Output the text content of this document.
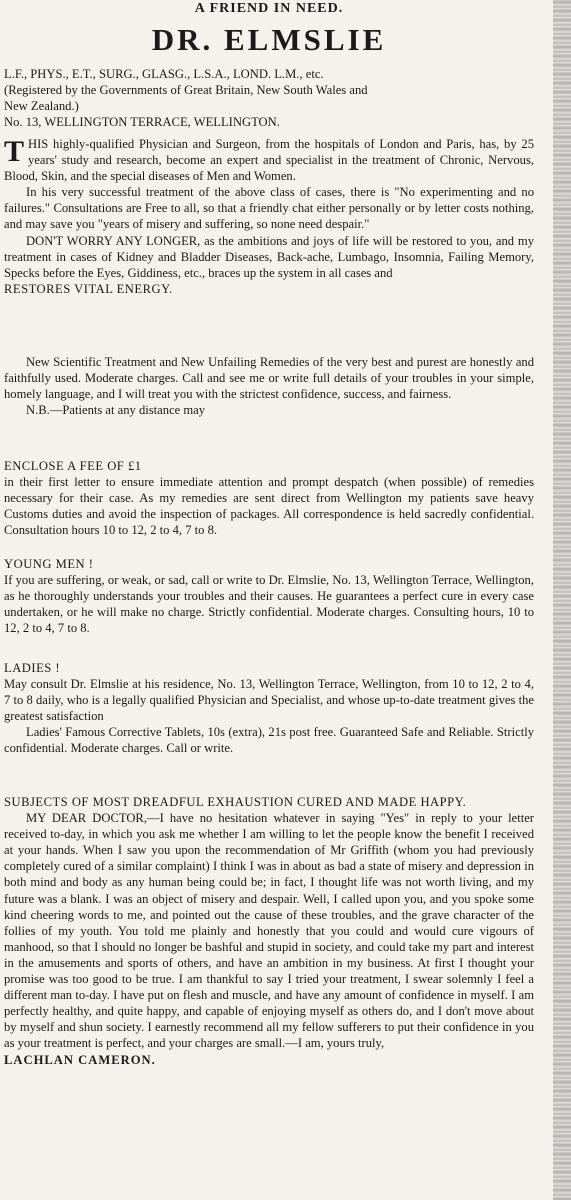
A FRIEND IN NEED.
DR. ELMSLIE

L.F., PHYS., E.T., SURG., GLASG., L.S.A., LOND. L.M., etc.

(Registered by the Governments of Great Britain, New South Wales and

New Zealand.)

No. 13, WELLINGTON TERRACE, WELLINGTON.

THIS highly-qualified Physician and Surgeon, from the hospitals of London and Paris, has, by 25 years' study and research, become an expert and specialist in the treatment of Chronic, Nervous, Blood, Skin, and the special diseases of Men and Women.

In his very successful treatment of the above class of cases, there is "No experimenting and no failures." Consultations are Free to all, so that a friendly chat either personally or by letter costs nothing, and may save you "years of misery and suffering, so none need despair."

DON'T WORRY ANY LONGER, as the ambitions and joys of life will be restored to you, and my treatment in cases of Kidney and Bladder Diseases, Back-ache, Lumbago, Insomnia, Failing Memory, Specks before the Eyes, Giddiness, etc., braces up the system in all cases and

RESTORES VITAL ENERGY.

New Scientific Treatment and New Unfailing Remedies of the very best and purest are honestly and faithfully used. Moderate charges. Call and see me or write full details of your troubles in your simple, homely language, and I will treat you with the strictest confidence, success, and fairness.

N.B.—Patients at any distance may

ENCLOSE A FEE OF £1

in their first letter to ensure immediate attention and prompt despatch (when possible) of remedies necessary for their case. As my remedies are sent direct from Wellington my patients save heavy Customs duties and avoid the inspection of packages. All correspondence is held sacredly confidential. Consultation hours 10 to 12, 2 to 4, 7 to 8.

YOUNG MEN !

If you are suffering, or weak, or sad, call or write to Dr. Elmslie, No. 13, Wellington Terrace, Wellington, as he thoroughly understands your troubles and their causes. He guarantees a perfect cure in every case undertaken, or he will make no charge. Strictly confidential. Moderate charges. Consulting hours, 10 to 12, 2 to 4, 7 to 8.

LADIES !

May consult Dr. Elmslie at his residence, No. 13, Wellington Terrace, Wellington, from 10 to 12, 2 to 4, 7 to 8 daily, who is a legally qualified Physician and Specialist, and whose up-to-date treatment gives the greatest satisfaction

Ladies' Famous Corrective Tablets, 10s (extra), 21s post free. Guaranteed Safe and Reliable. Strictly confidential. Moderate charges. Call or write.

SUBJECTS OF MOST DREADFUL EXHAUSTION CURED AND MADE HAPPY.

MY DEAR DOCTOR,—I have no hesitation whatever in saying "Yes" in reply to your letter received to-day, in which you ask me whether I am willing to let the people know the benefit I received at your hands. When I saw you upon the recommendation of Mr Griffith (whom you had previously completely cured of a similar complaint) I think I was in about as bad a state of misery and depression in both mind and body as any human being could be; in fact, I thought life was not worth living, and my future was a blank. I was an object of misery and despair. Well, I called upon you, and you spoke some kind cheering words to me, and pointed out the cause of these troubles, and the grave character of the follies of my youth. You told me plainly and honestly that you could and would cure vigours of manhood, so that I should no longer be bashful and stupid in society, and could take my part and interest in the amusements and sports of others, and have an ambition in my business. At first I thought your promise was too good to be true. I am thankful to say I tried your treatment, I swear solemnly I feel a different man to-day. I have put on flesh and muscle, and have any amount of confidence in myself. I am perfectly healthy, and quite happy, and capable of enjoying myself as others do, and I don't move about by myself and shun society. I earnestly recommend all my fellow sufferers to put their confidence in you as your treatment is perfect, and your charges are small.—I am, yours truly,

LACHLAN CAMERON.
